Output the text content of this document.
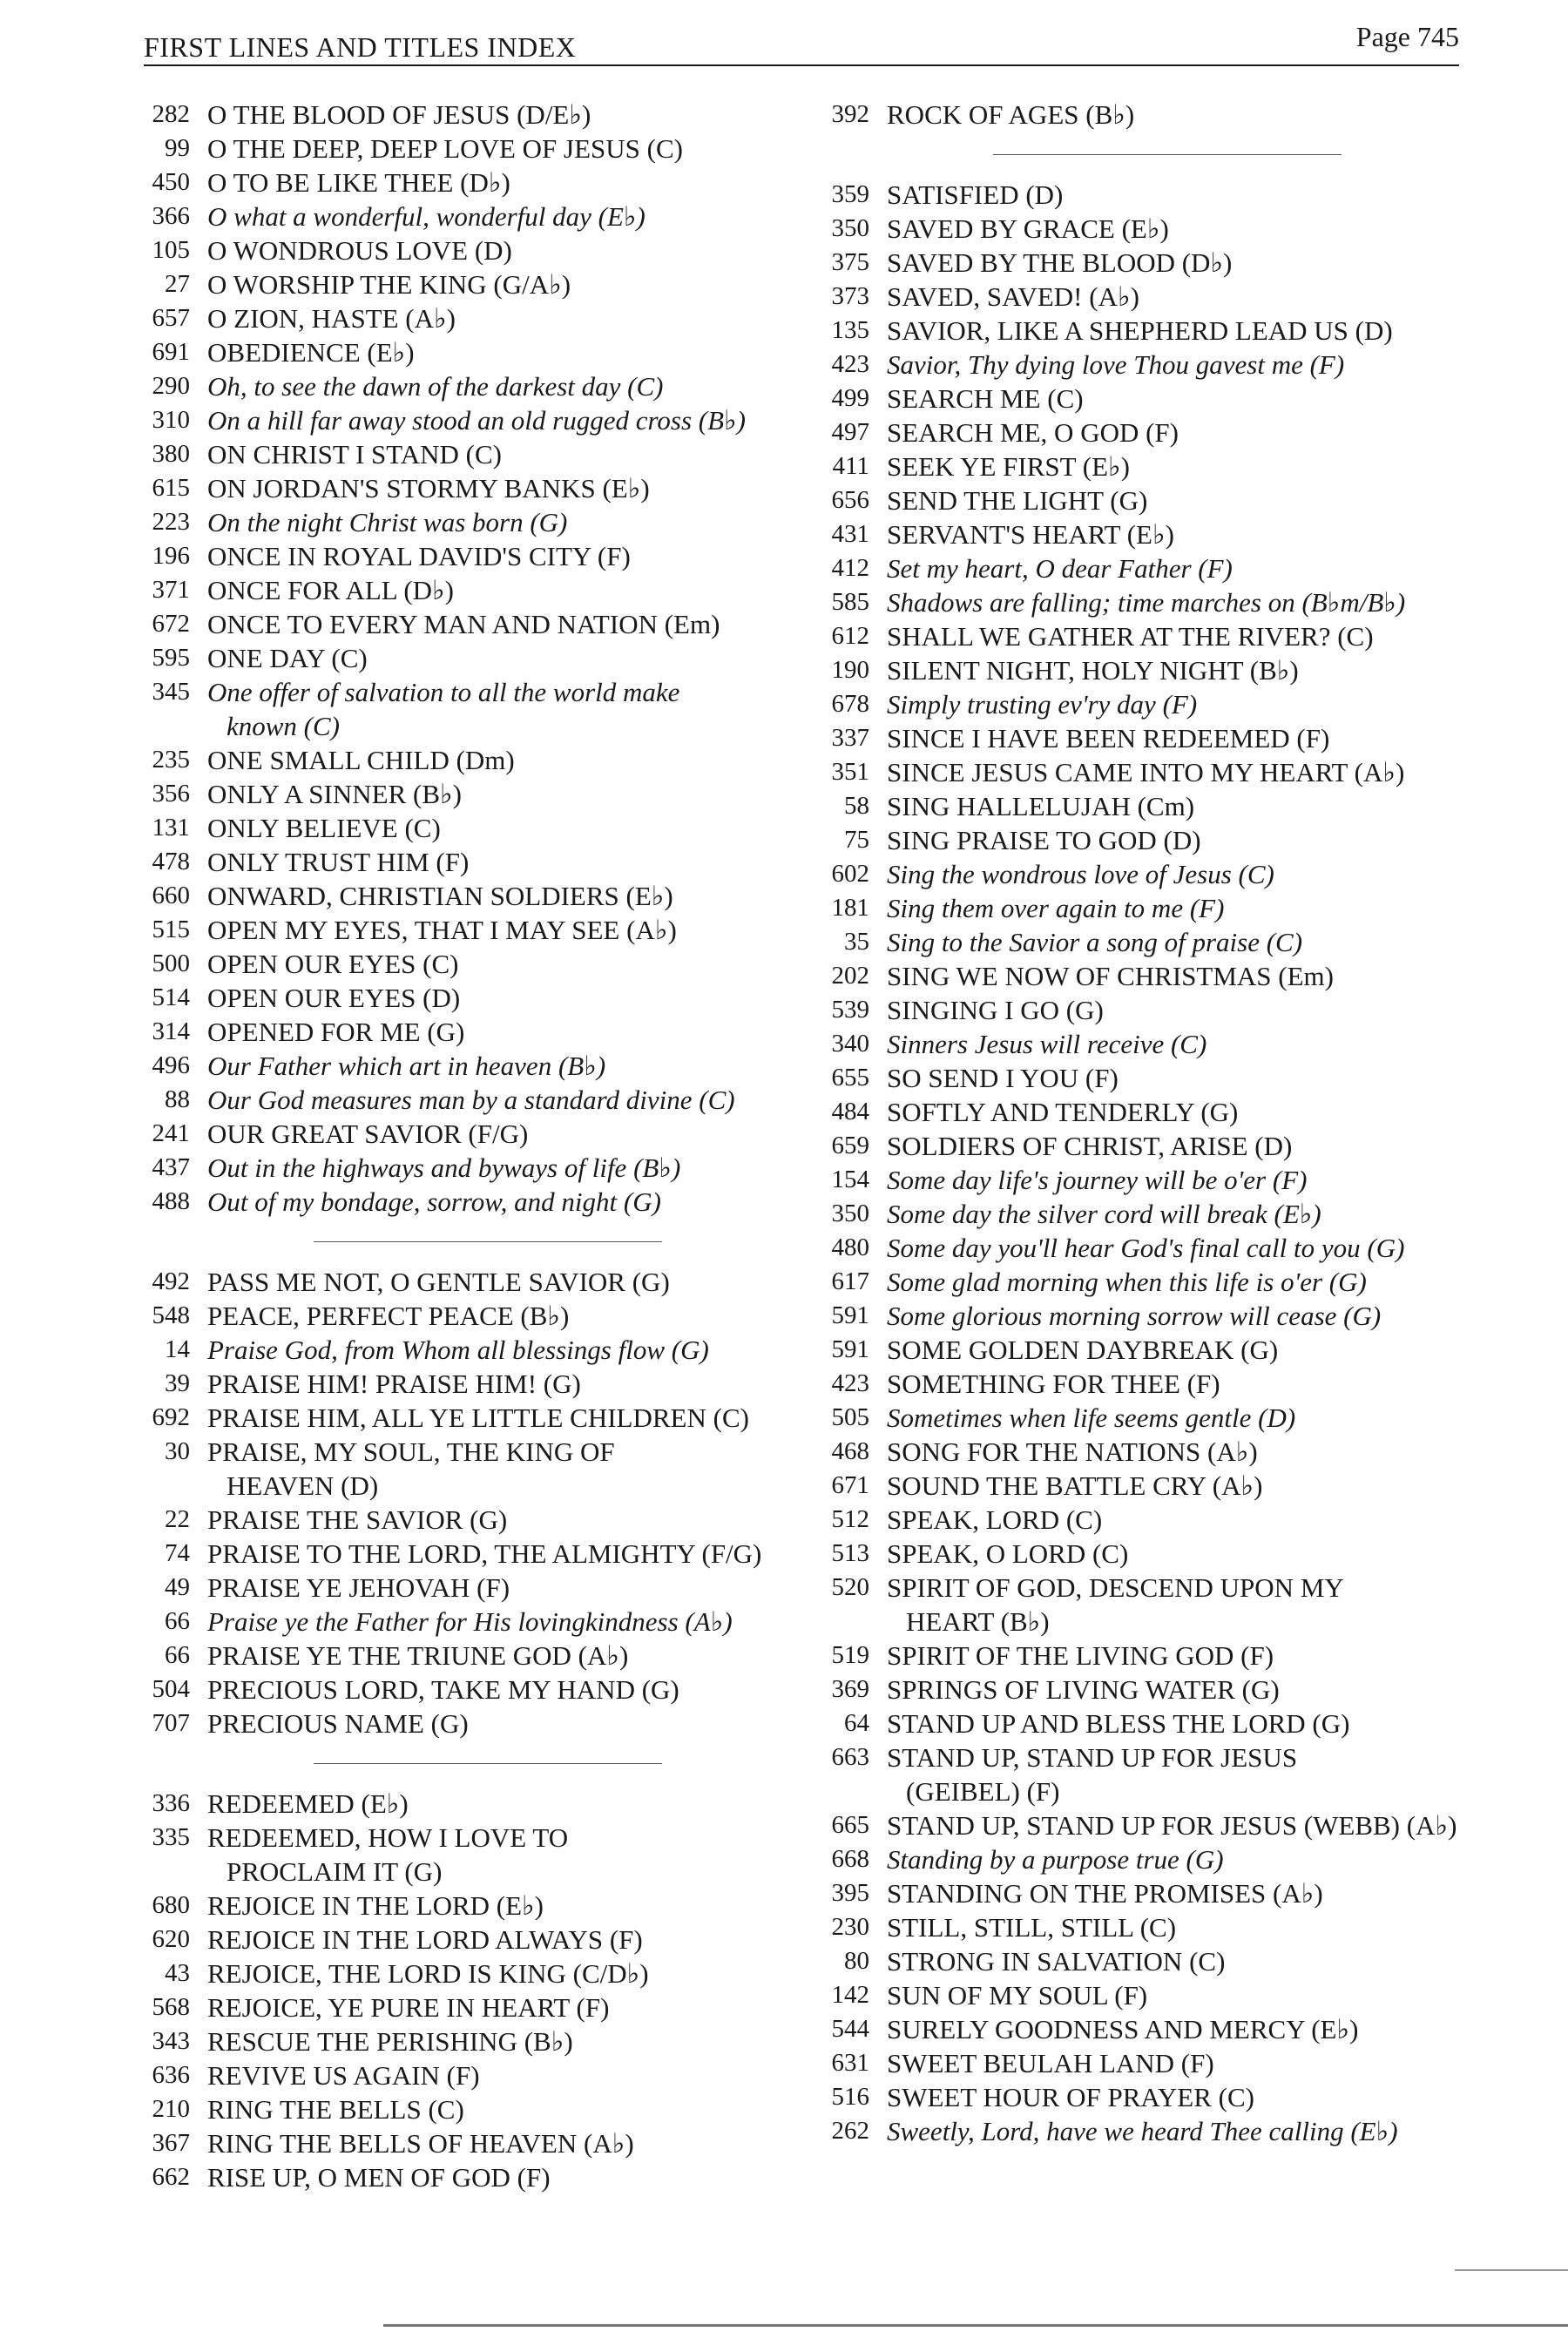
FIRST LINES AND TITLES INDEX	Page 745
282 O THE BLOOD OF JESUS (D/E♭)
99 O THE DEEP, DEEP LOVE OF JESUS (C)
450 O TO BE LIKE THEE (D♭)
366 O what a wonderful, wonderful day (E♭)
105 O WONDROUS LOVE (D)
27 O WORSHIP THE KING (G/A♭)
657 O ZION, HASTE (A♭)
691 OBEDIENCE (E♭)
290 Oh, to see the dawn of the darkest day (C)
310 On a hill far away stood an old rugged cross (B♭)
380 ON CHRIST I STAND (C)
615 ON JORDAN'S STORMY BANKS (E♭)
223 On the night Christ was born (G)
196 ONCE IN ROYAL DAVID'S CITY (F)
371 ONCE FOR ALL (D♭)
672 ONCE TO EVERY MAN AND NATION (Em)
595 ONE DAY (C)
345 One offer of salvation to all the world make
known (C)
235 ONE SMALL CHILD (Dm)
356 ONLY A SINNER (B♭)
131 ONLY BELIEVE (C)
478 ONLY TRUST HIM (F)
660 ONWARD, CHRISTIAN SOLDIERS (E♭)
515 OPEN MY EYES, THAT I MAY SEE (A♭)
500 OPEN OUR EYES (C)
514 OPEN OUR EYES (D)
314 OPENED FOR ME (G)
496 Our Father which art in heaven (B♭)
88 Our God measures man by a standard divine (C)
241 OUR GREAT SAVIOR (F/G)
437 Out in the highways and byways of life (B♭)
488 Out of my bondage, sorrow, and night (G)
492 PASS ME NOT, O GENTLE SAVIOR (G)
548 PEACE, PERFECT PEACE (B♭)
14 Praise God, from Whom all blessings flow (G)
39 PRAISE HIM! PRAISE HIM! (G)
692 PRAISE HIM, ALL YE LITTLE CHILDREN (C)
30 PRAISE, MY SOUL, THE KING OF
HEAVEN (D)
22 PRAISE THE SAVIOR (G)
74 PRAISE TO THE LORD, THE ALMIGHTY (F/G)
49 PRAISE YE JEHOVAH (F)
66 Praise ye the Father for His lovingkindness (A♭)
66 PRAISE YE THE TRIUNE GOD (A♭)
504 PRECIOUS LORD, TAKE MY HAND (G)
707 PRECIOUS NAME (G)
336 REDEEMED (E♭)
335 REDEEMED, HOW I LOVE TO
PROCLAIM IT (G)
680 REJOICE IN THE LORD (E♭)
620 REJOICE IN THE LORD ALWAYS (F)
43 REJOICE, THE LORD IS KING (C/D♭)
568 REJOICE, YE PURE IN HEART (F)
343 RESCUE THE PERISHING (B♭)
636 REVIVE US AGAIN (F)
210 RING THE BELLS (C)
367 RING THE BELLS OF HEAVEN (A♭)
662 RISE UP, O MEN OF GOD (F)
392 ROCK OF AGES (B♭)
359 SATISFIED (D)
350 SAVED BY GRACE (E♭)
375 SAVED BY THE BLOOD (D♭)
373 SAVED, SAVED! (A♭)
135 SAVIOR, LIKE A SHEPHERD LEAD US (D)
423 Savior, Thy dying love Thou gavest me (F)
499 SEARCH ME (C)
497 SEARCH ME, O GOD (F)
411 SEEK YE FIRST (E♭)
656 SEND THE LIGHT (G)
431 SERVANT'S HEART (E♭)
412 Set my heart, O dear Father (F)
585 Shadows are falling; time marches on (B♭m/B♭)
612 SHALL WE GATHER AT THE RIVER? (C)
190 SILENT NIGHT, HOLY NIGHT (B♭)
678 Simply trusting ev'ry day (F)
337 SINCE I HAVE BEEN REDEEMED (F)
351 SINCE JESUS CAME INTO MY HEART (A♭)
58 SING HALLELUJAH (Cm)
75 SING PRAISE TO GOD (D)
602 Sing the wondrous love of Jesus (C)
181 Sing them over again to me (F)
35 Sing to the Savior a song of praise (C)
202 SING WE NOW OF CHRISTMAS (Em)
539 SINGING I GO (G)
340 Sinners Jesus will receive (C)
655 SO SEND I YOU (F)
484 SOFTLY AND TENDERLY (G)
659 SOLDIERS OF CHRIST, ARISE (D)
154 Some day life's journey will be o'er (F)
350 Some day the silver cord will break (E♭)
480 Some day you'll hear God's final call to you (G)
617 Some glad morning when this life is o'er (G)
591 Some glorious morning sorrow will cease (G)
591 SOME GOLDEN DAYBREAK (G)
423 SOMETHING FOR THEE (F)
505 Sometimes when life seems gentle (D)
468 SONG FOR THE NATIONS (A♭)
671 SOUND THE BATTLE CRY (A♭)
512 SPEAK, LORD (C)
513 SPEAK, O LORD (C)
520 SPIRIT OF GOD, DESCEND UPON MY
HEART (B♭)
519 SPIRIT OF THE LIVING GOD (F)
369 SPRINGS OF LIVING WATER (G)
64 STAND UP AND BLESS THE LORD (G)
663 STAND UP, STAND UP FOR JESUS
(GEIBEL) (F)
665 STAND UP, STAND UP FOR JESUS (WEBB) (A♭)
668 Standing by a purpose true (G)
395 STANDING ON THE PROMISES (A♭)
230 STILL, STILL, STILL (C)
80 STRONG IN SALVATION (C)
142 SUN OF MY SOUL (F)
544 SURELY GOODNESS AND MERCY (E♭)
631 SWEET BEULAH LAND (F)
516 SWEET HOUR OF PRAYER (C)
262 Sweetly, Lord, have we heard Thee calling (E♭)
